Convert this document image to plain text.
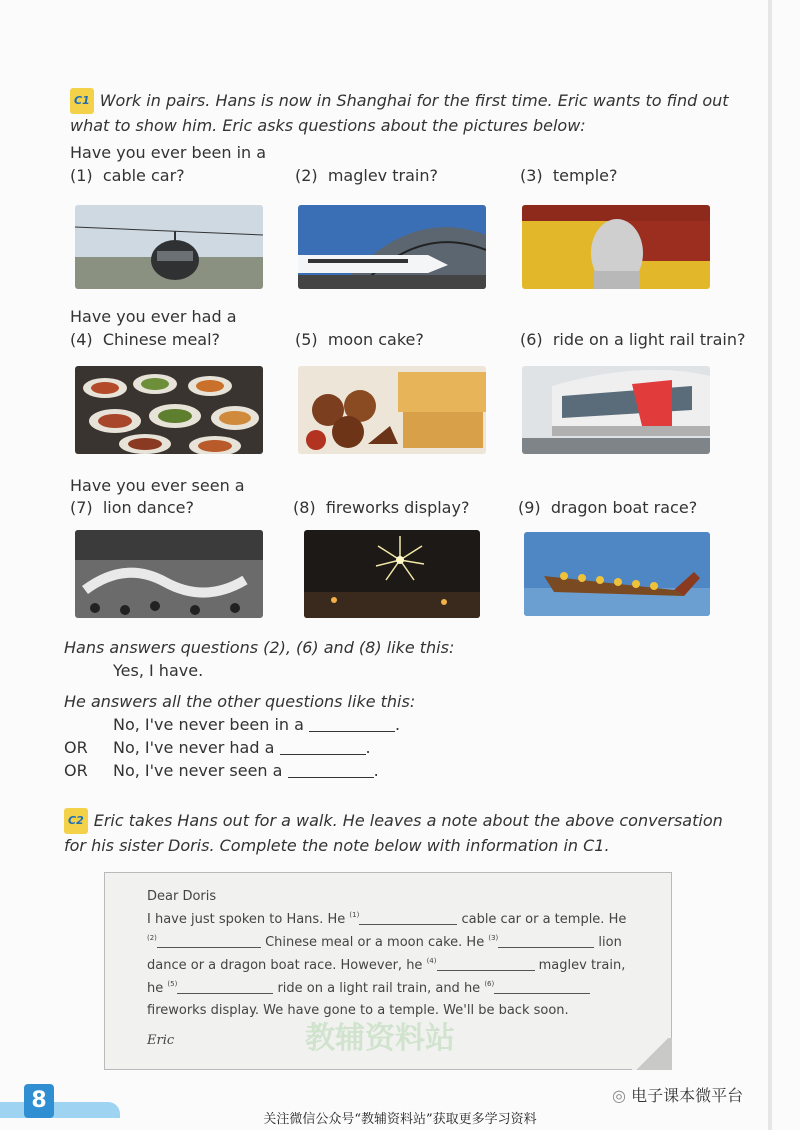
C1 Work in pairs. Hans is now in Shanghai for the first time. Eric wants to find out
what to show him. Eric asks questions about the pictures below:
Have you ever been in a
(1) cable car?	(2) maglev train?	(3) temple?
Have you ever had a
(4) Chinese meal?	(5) moon cake?	(6) ride on a light rail train?
Have you ever seen a
(7) lion dance?	(8) fireworks display?	(9) dragon boat race?
Hans answers questions (2), (6) and (8) like this:
Yes, I have.
He answers all the other questions like this:
No, I've never been in a	.
OR No, I've never had a	.
OR No, I've never seen a	.
C2 Eric takes Hans out for a walk. He leaves a note about the above conversation
for his sister Doris. Complete the note below with information in C1.
Dear Doris
I have just spoken to Hans. He $^{(1)}$	cable car or a temple. He
$^{(2)}$	Chinese meal or a moon cake. He $^{(3)}$	lion
dance or a dragon boat race. However, he $^{(4)}$	maglev train,
he $^{(5)}$	ride on a light rail train, and he $^{(6)}$
fireworks display. We have gone to a temple. We'll be back soon.
Eric	教辅资料站
8	◎ 电子课本微平台
关注微信公众号“教辅资料站”获取更多学习资料
